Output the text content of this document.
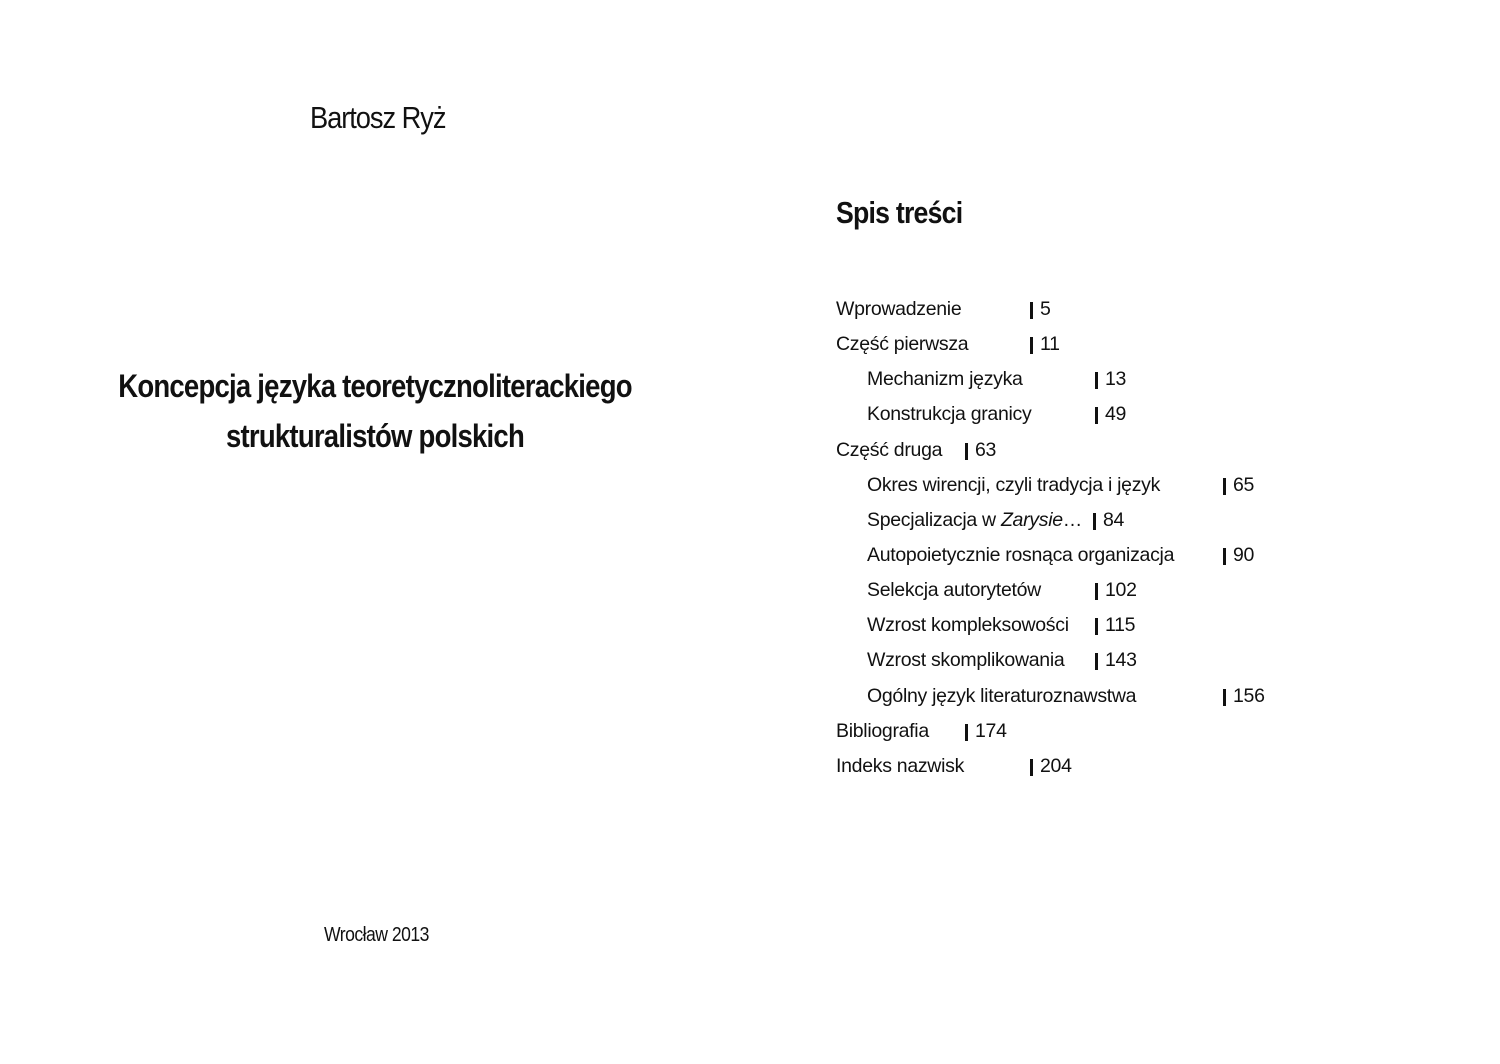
Bartosz Ryż
Koncepcja języka teoretycznoliterackiego
strukturalistów polskich
Wrocław 2013
Spis treści
Wprowadzenie	5
Część pierwsza	11
Mechanizm języka	13
Konstrukcja granicy	49
Część druga 63
Okres wirencji, czyli tradycja i język	65
Specjalizacja w Zarysie… 84
Autopoietycznie rosnąca organizacja	90
Selekcja autorytetów	102
Wzrost kompleksowości 115
Wzrost skomplikowania 143
Ogólny język literaturoznawstwa	156
Bibliografia 174
Indeks nazwisk	204
